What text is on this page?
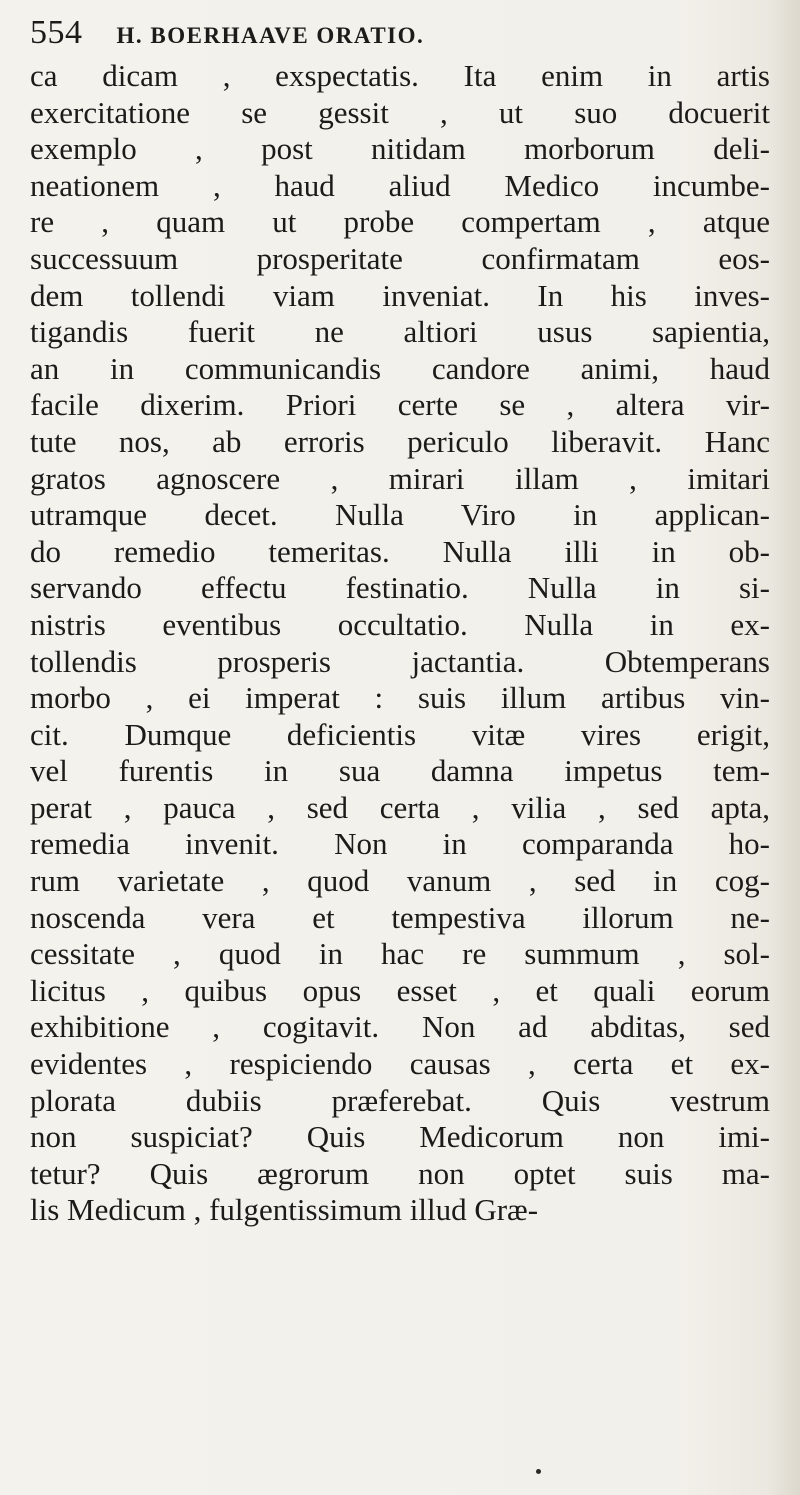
554 H. BOERHAAVE ORATIO.
ca dicam , exspectatis. Ita enim in artis
exercitatione se gessit , ut suo docuerit
exemplo , post nitidam morborum deli-
neationem , haud aliud Medico incumbe-
re , quam ut probe compertam , atque
successuum prosperitate confirmatam eos-
dem tollendi viam inveniat. In his inves-
tigandis fuerit ne altiori usus sapientia,
an in communicandis candore animi, haud
facile dixerim. Priori certe se , altera vir-
tute nos, ab erroris periculo liberavit. Hanc
gratos agnoscere , mirari illam , imitari
utramque decet. Nulla Viro in applican-
do remedio temeritas. Nulla illi in ob-
servando effectu festinatio. Nulla in si-
nistris eventibus occultatio. Nulla in ex-
tollendis prosperis jactantia. Obtemperans
morbo , ei imperat : suis illum artibus vin-
cit. Dumque deficientis vitæ vires erigit,
vel furentis in sua damna impetus tem-
perat , pauca , sed certa , vilia , sed apta,
remedia invenit. Non in comparanda ho-
rum varietate , quod vanum , sed in cog-
noscenda vera et tempestiva illorum ne-
cessitate , quod in hac re summum , sol-
licitus , quibus opus esset , et quali eorum
exhibitione , cogitavit. Non ad abditas, sed
evidentes , respiciendo causas , certa et ex-
plorata dubiis præferebat. Quis vestrum
non suspiciat? Quis Medicorum non imi-
tetur? Quis ægrorum non optet suis ma-
lis Medicum , fulgentissimum illud Græ-
